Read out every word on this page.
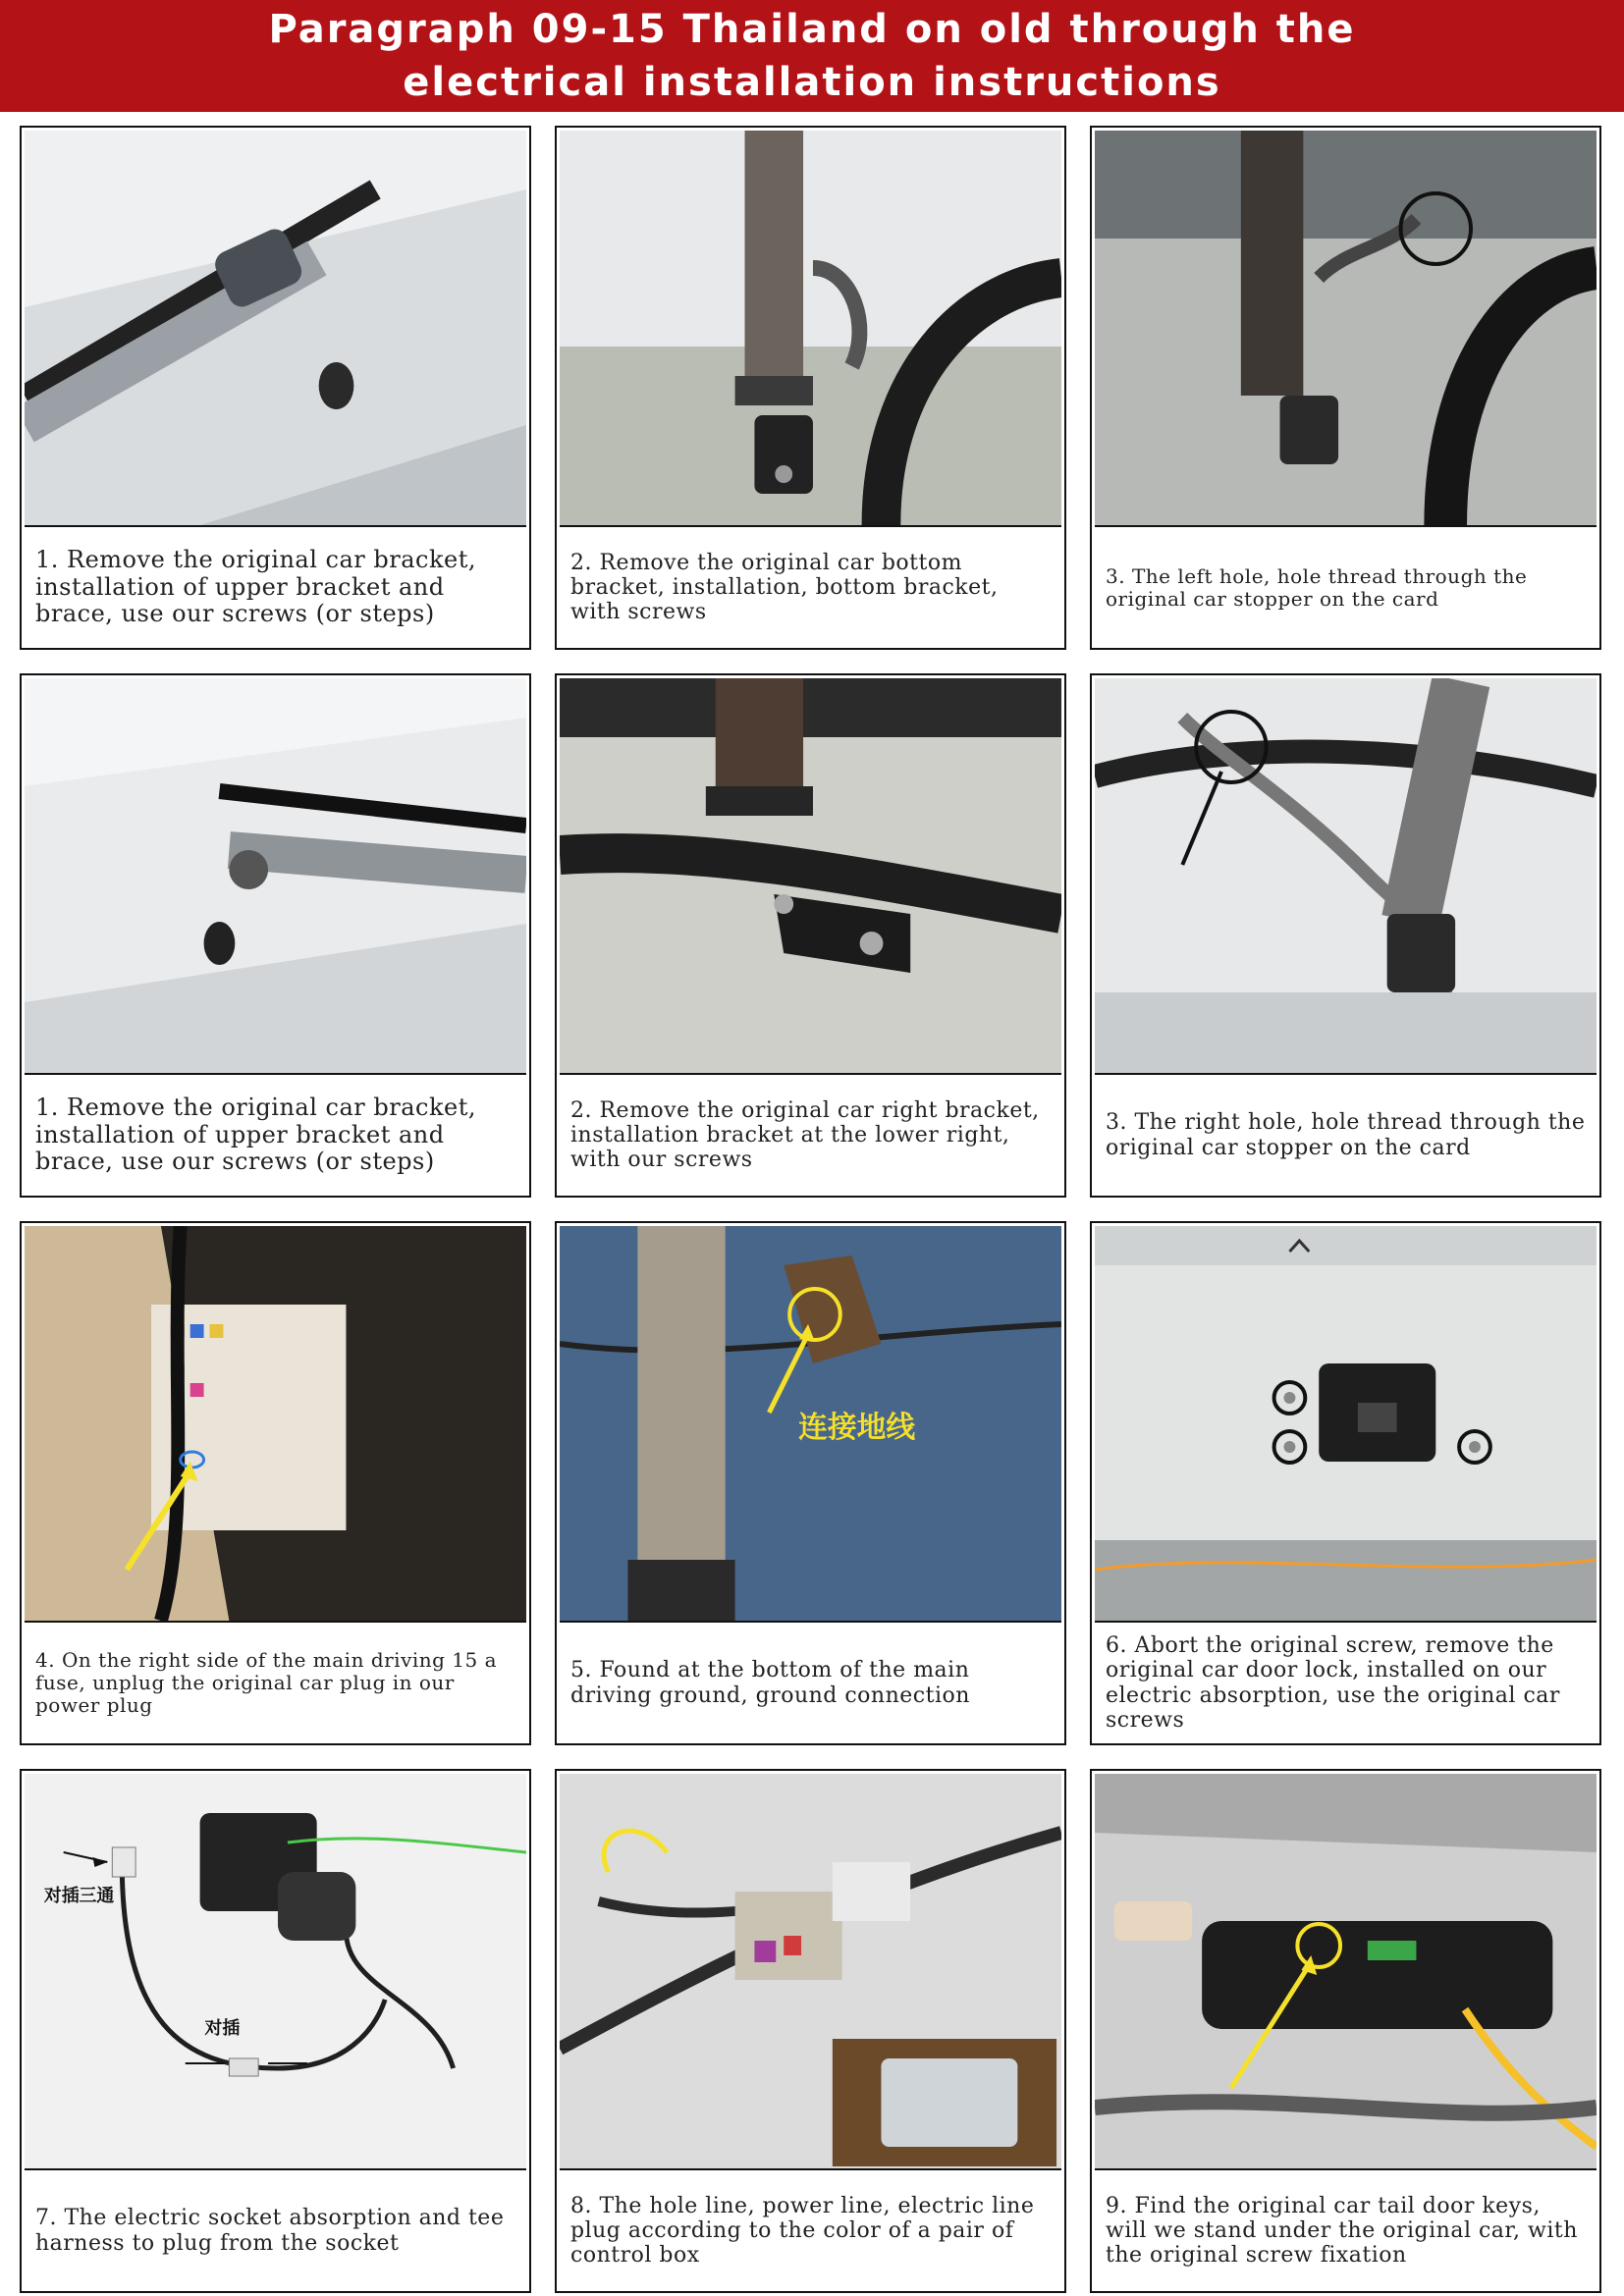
Paragraph 09-15 Thailand on old through the
electrical installation instructions
1. Remove the original car bracket, installation of upper bracket and brace, use our screws (or steps)
2. Remove the original car bottom bracket, installation, bottom bracket, with screws
3. The left hole, hole thread through the original car stopper on the card
1. Remove the original car bracket, installation of upper bracket and brace, use our screws (or steps)
2. Remove the original car right bracket, installation bracket at the lower right, with our screws
3. The right hole, hole thread through the original car stopper on the card
4. On the right side of the main driving 15 a fuse, unplug the original car plug in our power plug
连接地线
5. Found at the bottom of the main driving ground, ground connection
6. Abort the original screw, remove the original car door lock, installed on our electric absorption, use the original car screws
对插三通
对插
7. The electric socket absorption and tee harness to plug from the socket
8. The hole line, power line, electric line plug according to the color of a pair of control box
9. Find the original car tail door keys, will we stand under the original car, with the original screw fixation
